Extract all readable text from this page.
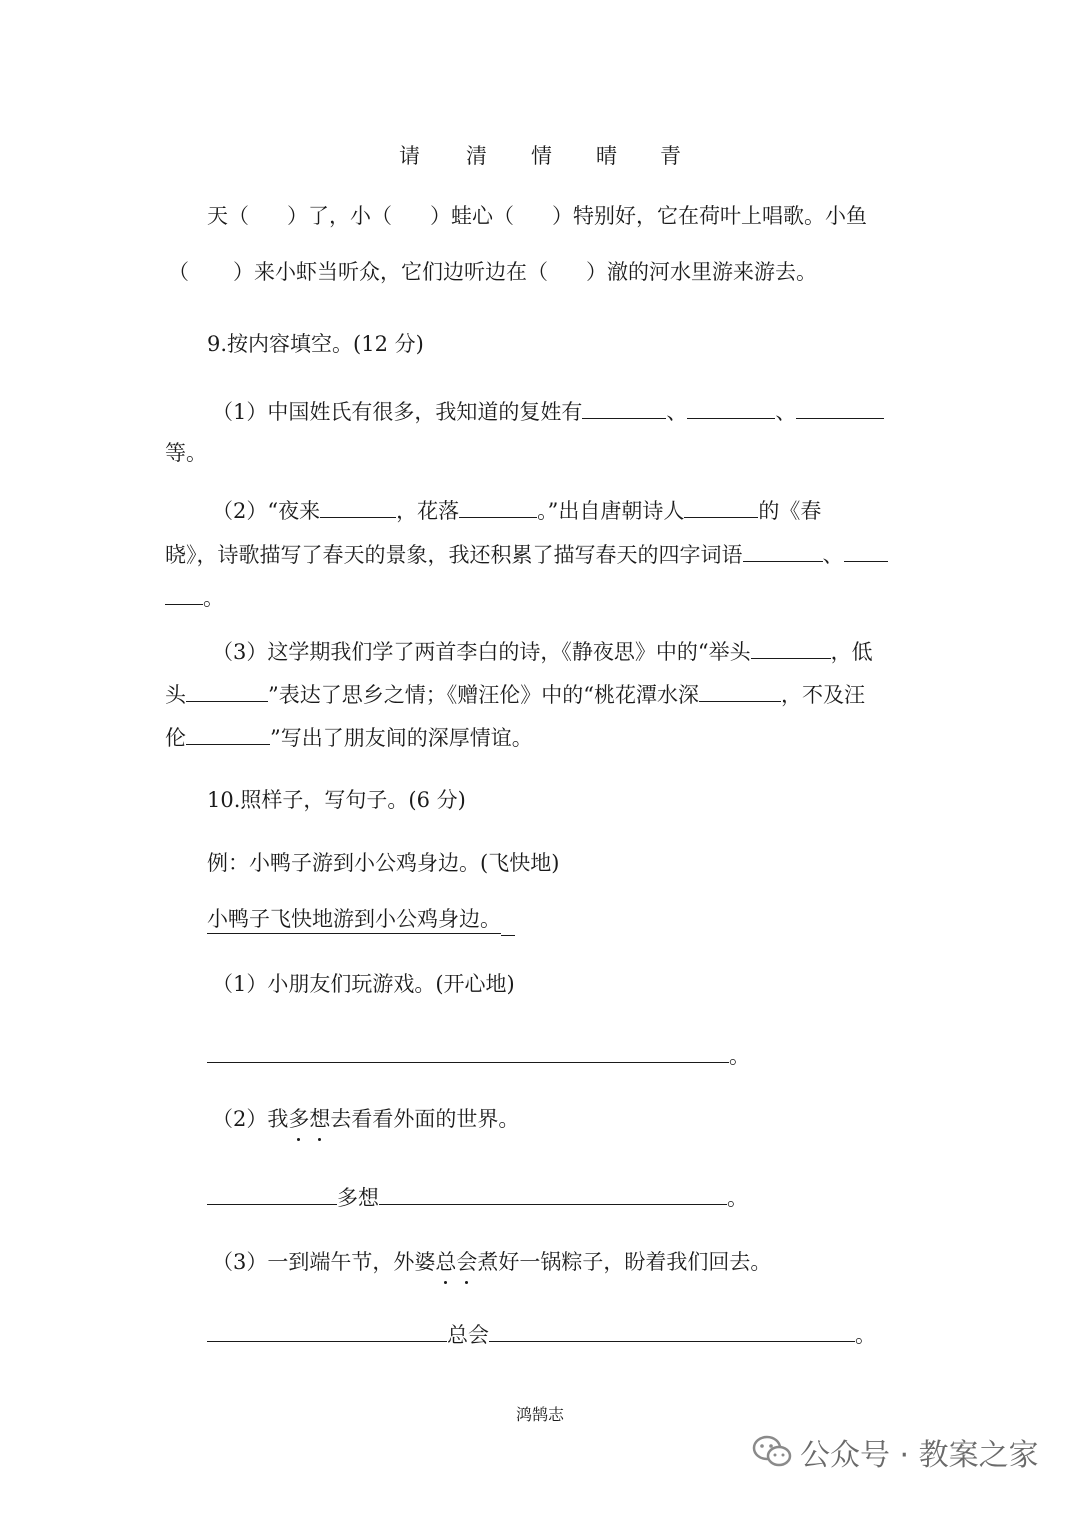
请 清 情 晴 青
天（ ）了，小（ ）蛙心（ ）特别好，它在荷叶上唱歌。小鱼
（ ）来小虾当听众，它们边听边在（ ）澈的河水里游来游去。
9.按内容填空。(12 分)
（1）中国姓氏有很多，我知道的复姓有	、	、
等。
（2）“夜来	，花落	。”出自唐朝诗人	的《春
晓》，诗歌描写了春天的景象，我还积累了描写春天的四字词语	、
。
（3）这学期我们学了两首李白的诗，《静夜思》中的“举头	，低
头	”表达了思乡之情；《赠汪伦》中的“桃花潭水深	，不及汪
伦	”写出了朋友间的深厚情谊。
10.照样子，写句子。(6 分)
例：小鸭子游到小公鸡身边。(飞快地)
小鸭子飞快地游到小公鸡身边。
（1）小朋友们玩游戏。(开心地)
。
（2）我多想去看看外面的世界。
多想	。
（3）一到端午节，外婆总会煮好一锅粽子，盼着我们回去。
总会	。
鸿鹄志
公众号 · 教案之家
